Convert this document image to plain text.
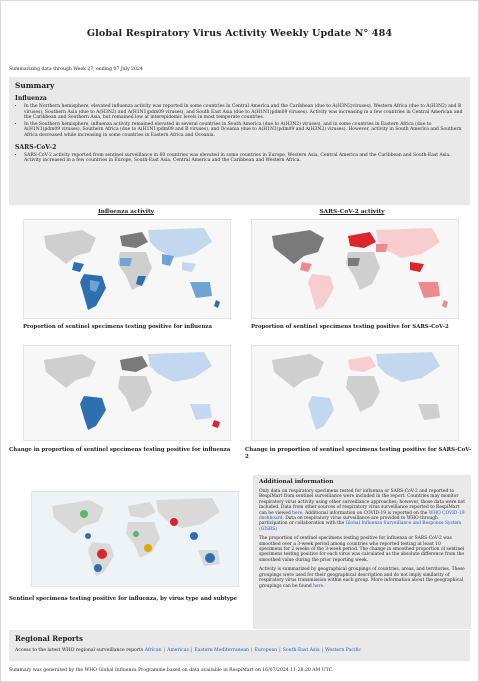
Global Respiratory Virus Activity Weekly Update N° 484
Summarizing data through Week 27, ending 07 July 2024
Summary
Influenza
• In the Northern hemisphere, elevated influenza activity was reported in some countries in Central America and the Caribbean (due to A(H3N2)viruses), Western Africa (due to A(H3N2) and B viruses), Southern Asia (due to A(H3N2) and A(H1N1)pdm09 viruses), and South East Asia (due to A(H1N1)pdm09 viruses). Activity was increasing in a few countries in Central American and the Caribbean and Southern Asia, but remained low at interepidemic levels in most temperate countries.
• In the Southern hemisphere, influenza activity remained elevated in several countries in South America (due to A(H3N2) viruses), and in some countries in Eastern Africa (due to A(H1N1)pdm09 viruses), Southern Africa (due to A(H1N1)pdm09 and B viruses), and Oceania (due to A(H1N1)pdm09 and A(H3N2) viruses). However, activity in South America and Southern Africa decreased while increasing in some countries in Eastern Africa and Oceania.
SARS-CoV-2
• SARS-CoV-2 activity reported from sentinel surveillance in 60 countries was elevated in some countries in Europe, Western Asia, Central America and the Caribbean and South-East Asia. Activity increased in a few countries in Europe, South-East Asia, Central America and the Caribbean and Western Africa.
Influenza activity	SARS-CoV-2 activity
Proportion of sentinel specimens testing positive for influenza	Proportion of sentinel specimens testing positive for SARS-CoV-2
Change in proportion of sentinel specimens testing positive for influenza	Change in proportion of sentinel specimens testing positive for SARS-CoV-2
Sentinel specimens testing positive for influenza, by virus type and subtype
Additional information

Only data on respiratory specimens tested for influenza or SARS-CoV-2 and reported to RespiMart from sentinel surveillance were included in the report. Countries may monitor respiratory virus activity using other surveillance approaches; however, those data were not included. Data from other sources of respiratory virus surveillance reported to RespiMart can be viewed here. Additional information on COVID-19 is reported on the WHO COVID-19 dashboard. Data on respiratory virus surveillance are provided to WHO through participation or collaboration with the Global Influenza Surveillance and Response System (GISRS)

The proportion of sentinel specimens testing positive for influenza or SARS-CoV-2 was smoothed over a 3-week period among countries who reported testing at least 10 specimens for 2 weeks of the 3-week period. The change in smoothed proportion of sentinel specimens testing positive for each virus was calculated as the absolute difference from the smoothed value during the prior reporting week.

Activity is summarized by geographical groupings of countries, areas, and territories. These groupings were used for their geographical description and do not imply similarity of respiratory virus transmission within each group. More information about the geographical groupings can be found here.

Regional Reports
Access to the latest WHO regional surveillance reports African | Americas | Eastern Mediterranean | European | South-East Asia | Western Pacific
Summary was generated by the WHO Global Influenza Programme based on data available in RespiMart on 16/07/2024 11:28:20 AM UTC.
